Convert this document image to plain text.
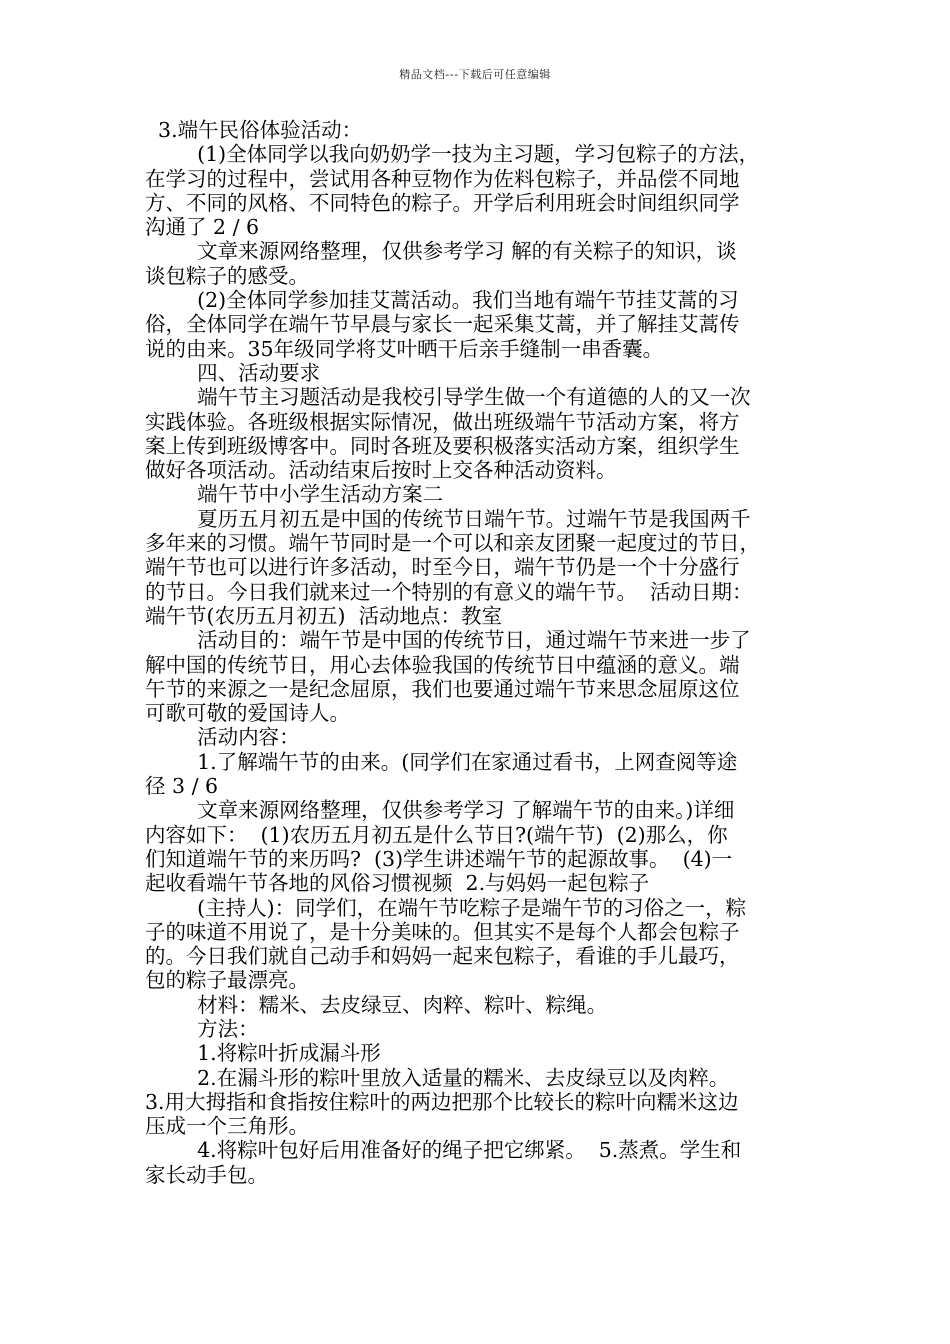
精品文档---下载后可任意编辑

3.端午民俗体验活动：

(1)全体同学以我向奶奶学一技为主习题，学习包粽子的方法，

在学习的过程中，尝试用各种豆物作为佐料包粽子，并品偿不同地

方、不同的风格、不同特色的粽子。开学后利用班会时间组织同学

沟通了 2 / 6

文章来源网络整理，仅供参考学习 解的有关粽子的知识，谈

谈包粽子的感受。

(2)全体同学参加挂艾蒿活动。我们当地有端午节挂艾蒿的习

俗，全体同学在端午节早晨与家长一起采集艾蒿，并了解挂艾蒿传

说的由来。35年级同学将艾叶晒干后亲手缝制一串香囊。

四、活动要求

端午节主习题活动是我校引导学生做一个有道德的人的又一次

实践体验。各班级根据实际情况，做出班级端午节活动方案，将方

案上传到班级博客中。同时各班及要积极落实活动方案，组织学生

做好各项活动。活动结束后按时上交各种活动资料。

端午节中小学生活动方案二

夏历五月初五是中国的传统节日端午节。过端午节是我国两千

多年来的习惯。端午节同时是一个可以和亲友团聚一起度过的节日，

端午节也可以进行许多活动，时至今日，端午节仍是一个十分盛行

的节日。今日我们就来过一个特别的有意义的端午节。  活动日期：

端午节(农历五月初五)  活动地点：教室

活动目的：端午节是中国的传统节日，通过端午节来进一步了

解中国的传统节日，用心去体验我国的传统节日中蕴涵的意义。端

午节的来源之一是纪念屈原，我们也要通过端午节来思念屈原这位

可歌可敬的爱国诗人。

活动内容：

1.了解端午节的由来。(同学们在家通过看书，上网查阅等途

径 3 / 6

文章来源网络整理，仅供参考学习 了解端午节的由来。)详细

内容如下：  (1)农历五月初五是什么节日?(端午节)  (2)那么，你

们知道端午节的来历吗?  (3)学生讲述端午节的起源故事。  (4)一

起收看端午节各地的风俗习惯视频  2.与妈妈一起包粽子

(主持人)：同学们，在端午节吃粽子是端午节的习俗之一，粽

子的味道不用说了，是十分美味的。但其实不是每个人都会包粽子

的。今日我们就自己动手和妈妈一起来包粽子，看谁的手儿最巧，

包的粽子最漂亮。

材料：糯米、去皮绿豆、肉粹、粽叶、粽绳。

方法：

1.将粽叶折成漏斗形

2.在漏斗形的粽叶里放入适量的糯米、去皮绿豆以及肉粹。

3.用大拇指和食指按住粽叶的两边把那个比较长的粽叶向糯米这边

压成一个三角形。

4.将粽叶包好后用准备好的绳子把它绑紧。  5.蒸煮。学生和

家长动手包。
